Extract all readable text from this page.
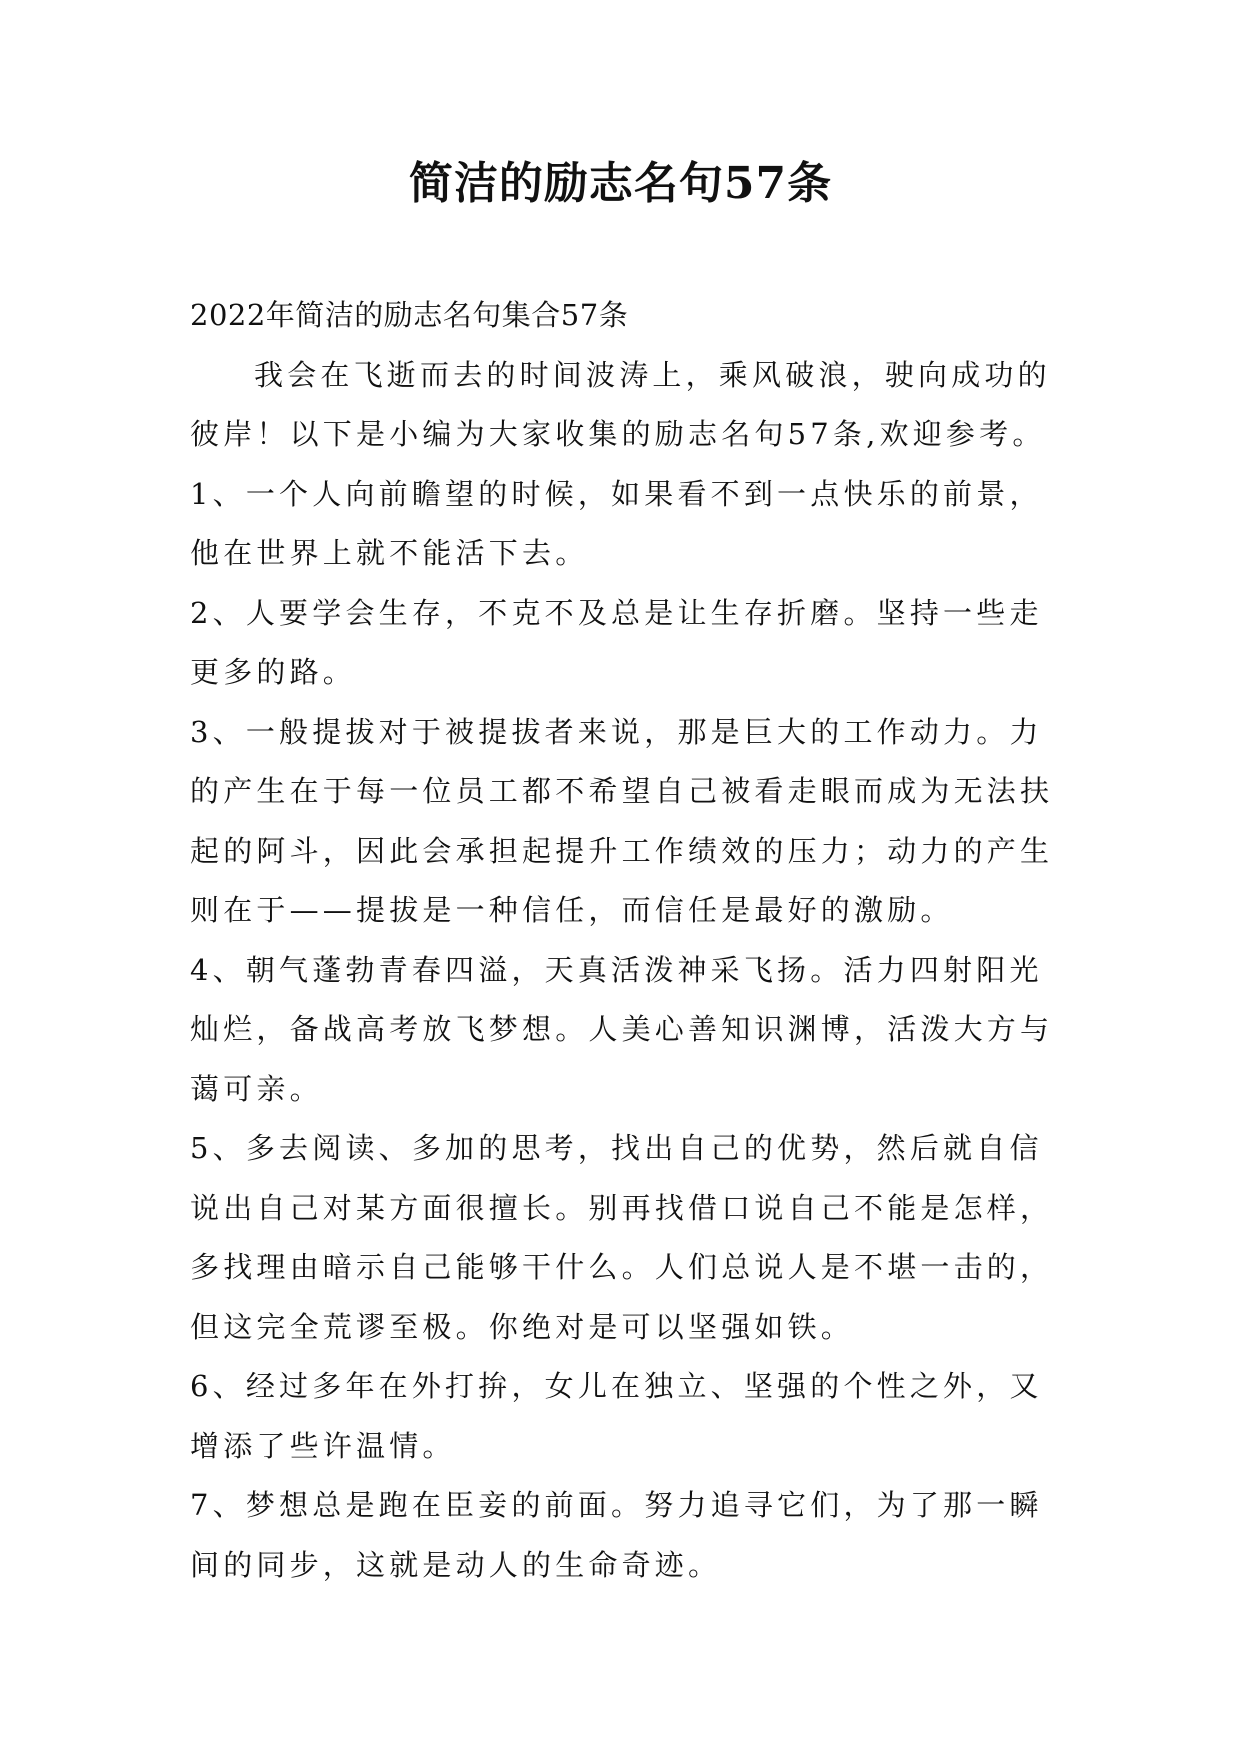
简洁的励志名句57条

2022年简洁的励志名句集合57条

我会在飞逝而去的时间波涛上，乘风破浪，驶向成功的彼岸！以下是小编为大家收集的励志名句57条,欢迎参考。

1、一个人向前瞻望的时候，如果看不到一点快乐的前景，他在世界上就不能活下去。

2、人要学会生存，不克不及总是让生存折磨。坚持一些走更多的路。

3、一般提拔对于被提拔者来说，那是巨大的工作动力。力的产生在于每一位员工都不希望自己被看走眼而成为无法扶起的阿斗，因此会承担起提升工作绩效的压力；动力的产生则在于——提拔是一种信任，而信任是最好的激励。

4、朝气蓬勃青春四溢，天真活泼神采飞扬。活力四射阳光灿烂，备战高考放飞梦想。人美心善知识渊博，活泼大方与蔼可亲。

5、多去阅读、多加的思考，找出自己的优势，然后就自信说出自己对某方面很擅长。别再找借口说自己不能是怎样，多找理由暗示自己能够干什么。人们总说人是不堪一击的，但这完全荒谬至极。你绝对是可以坚强如铁。

6、经过多年在外打拚，女儿在独立、坚强的个性之外，又增添了些许温情。

7、梦想总是跑在臣妾的前面。努力追寻它们，为了那一瞬间的同步，这就是动人的生命奇迹。
